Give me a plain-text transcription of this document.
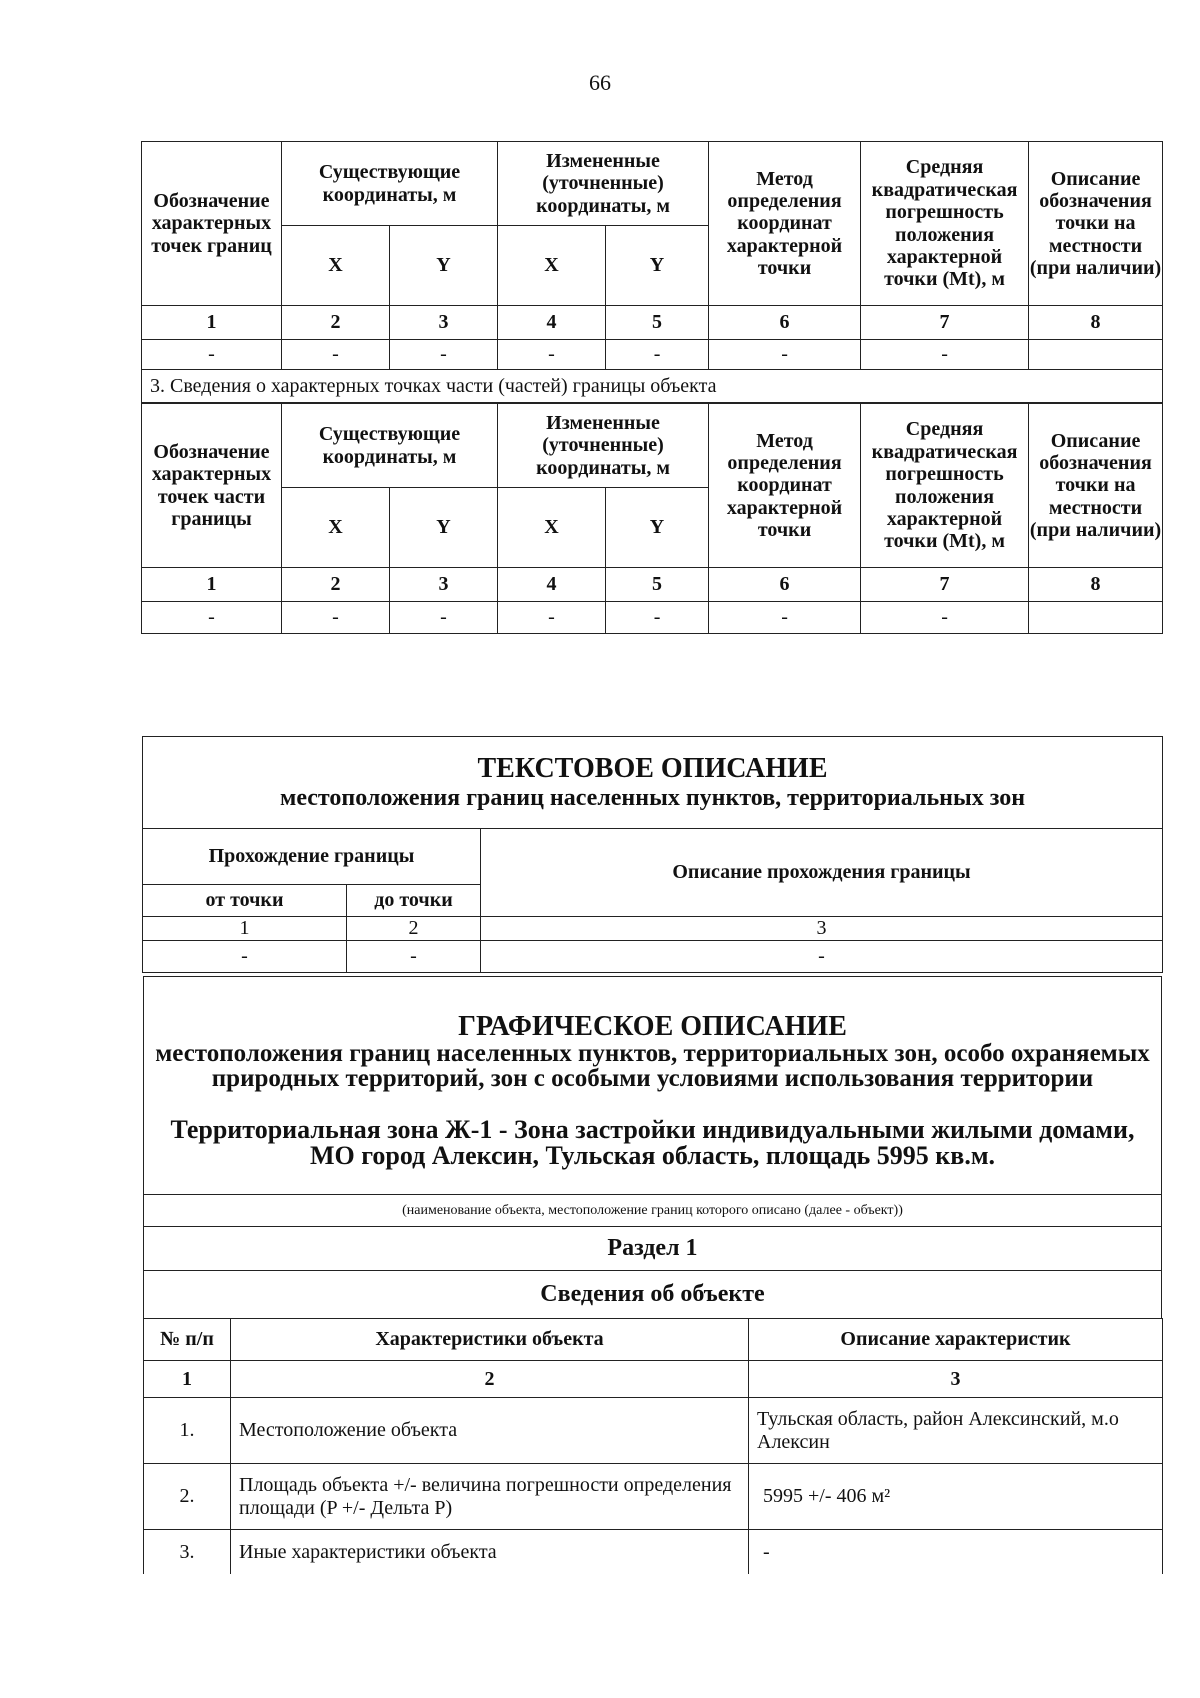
66
Обозначение характерных точек границ	Существующие координаты, м		Измененные (уточненные) координаты, м		Метод определения координат характерной точки	Средняя квадратическая погрешность положения характерной точки (Mt), м	Описание обозначения точки на местности (при наличии)
	X	Y	X	Y			
1	2	3	4	5	6	7	8
-	-	-	-	-	-	-	
3. Сведения о характерных точках части (частей) границы объекта							
Обозначение характерных точек части границы	Существующие координаты, м		Измененные (уточненные) координаты, м		Метод определения координат характерной точки	Средняя квадратическая погрешность положения характерной точки (Mt), м	Описание обозначения точки на местности (при наличии)
	X	Y	X	Y			
1	2	3	4	5	6	7	8
-	-	-	-	-	-	-	
ТЕКСТОВОЕ ОПИСАНИЕ
местоположения границ населенных пунктов, территориальных зон		

Прохождение границы		Описание прохождения границы
от точки	до точки	
1	2	3
-	-	-
ГРАФИЧЕСКОЕ ОПИСАНИЕ
местоположения границ населенных пунктов, территориальных зон, особо охраняемых природных территорий, зон с особыми условиями использования территории
Территориальная зона Ж-1 - Зона застройки индивидуальными жилыми домами, МО город Алексин, Тульская область, площадь 5995 кв.м.

(наименование объекта, местоположение границ которого описано (далее - объект))
Раздел 1
Сведения об объекте
№ п/п	Характеристики объекта	Описание характеристик
1	2	3
1.	Местоположение объекта	Тульская область, район Алексинский, м.о Алексин
2.	Площадь объекта +/- величина погрешности определения площади (P +/- Дельта P)	5995 +/- 406 м²
3.	Иные характеристики объекта	-
